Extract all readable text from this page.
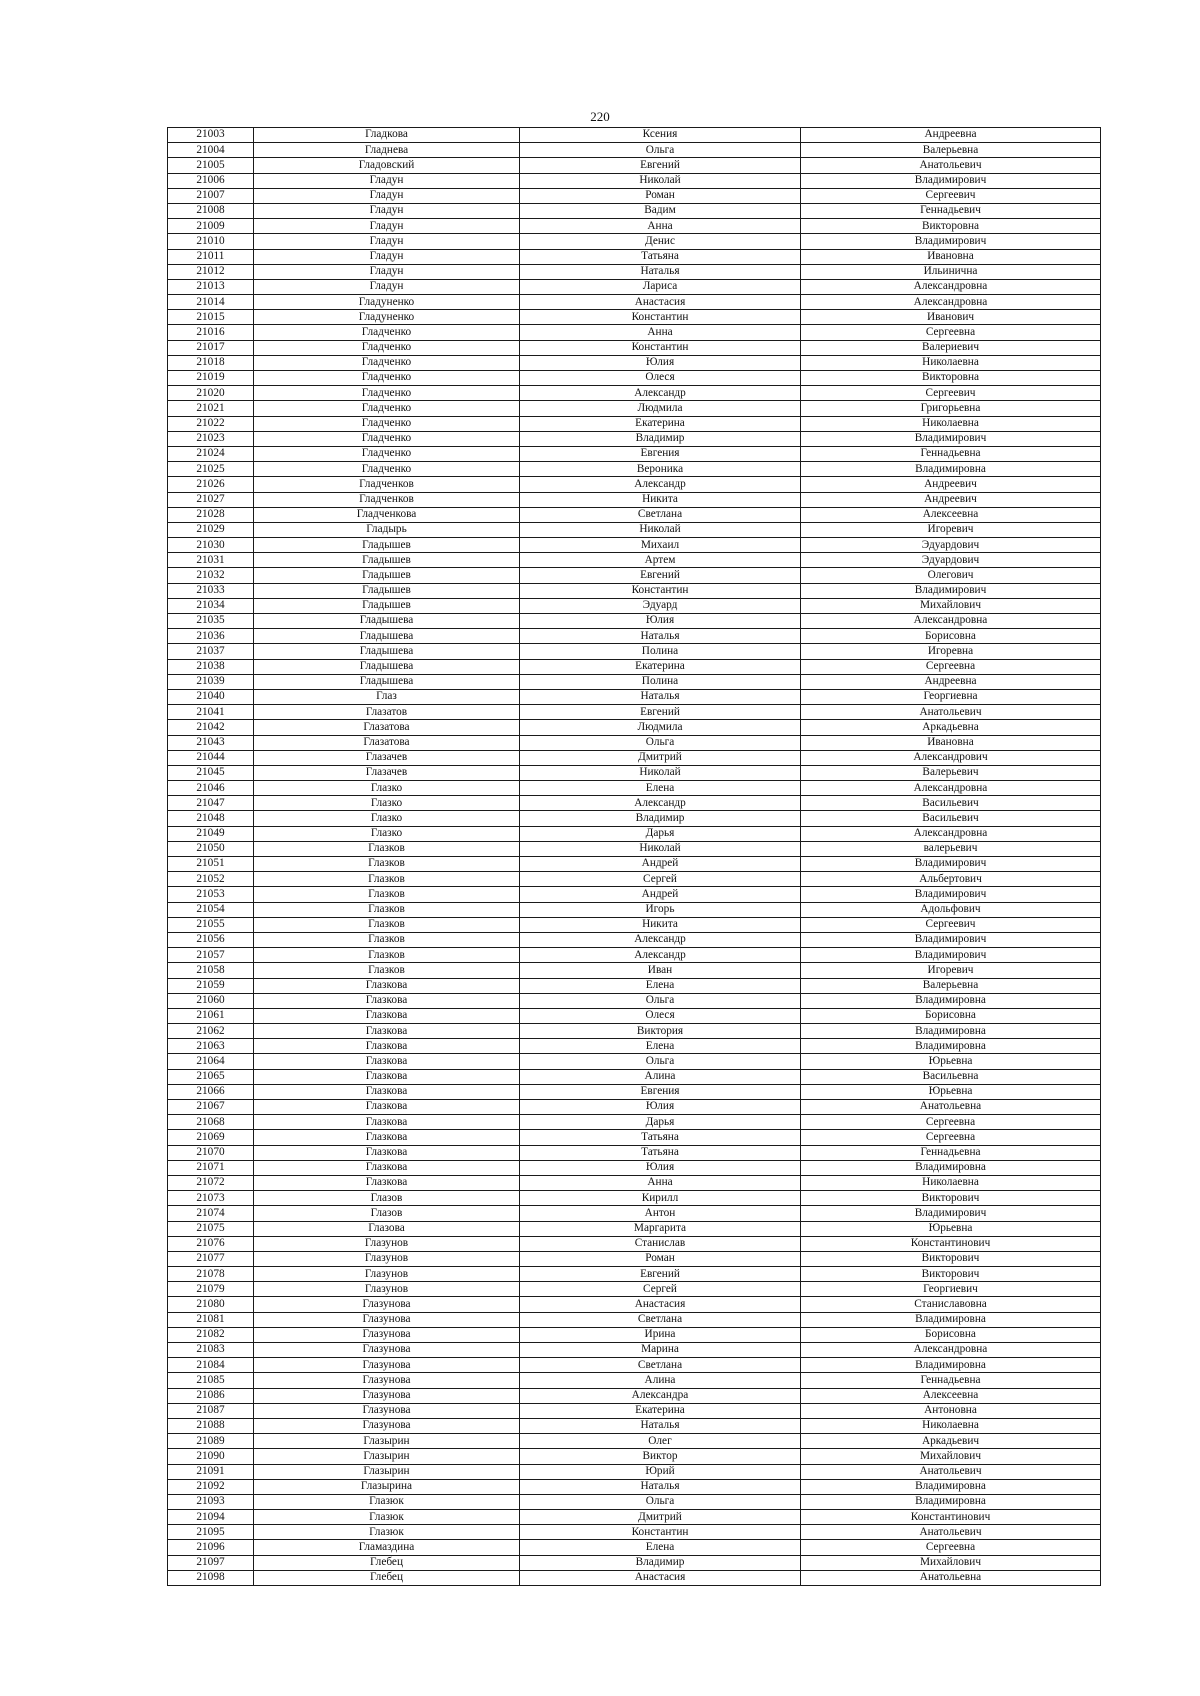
220
21003	Гладкова	Ксения	Андреевна
21004	Гладнева	Ольга	Валерьевна
21005	Гладовский	Евгений	Анатольевич
21006	Гладун	Николай	Владимирович
21007	Гладун	Роман	Сергеевич
21008	Гладун	Вадим	Геннадьевич
21009	Гладун	Анна	Викторовна
21010	Гладун	Денис	Владимирович
21011	Гладун	Татьяна	Ивановна
21012	Гладун	Наталья	Ильинична
21013	Гладун	Лариса	Александровна
21014	Гладуненко	Анастасия	Александровна
21015	Гладуненко	Константин	Иванович
21016	Гладченко	Анна	Сергеевна
21017	Гладченко	Константин	Валериевич
21018	Гладченко	Юлия	Николаевна
21019	Гладченко	Олеся	Викторовна
21020	Гладченко	Александр	Сергеевич
21021	Гладченко	Людмила	Григорьевна
21022	Гладченко	Екатерина	Николаевна
21023	Гладченко	Владимир	Владимирович
21024	Гладченко	Евгения	Геннадьевна
21025	Гладченко	Вероника	Владимировна
21026	Гладченков	Александр	Андреевич
21027	Гладченков	Никита	Андреевич
21028	Гладченкова	Светлана	Алексеевна
21029	Гладырь	Николай	Игоревич
21030	Гладышев	Михаил	Эдуардович
21031	Гладышев	Артем	Эдуардович
21032	Гладышев	Евгений	Олегович
21033	Гладышев	Константин	Владимирович
21034	Гладышев	Эдуард	Михайлович
21035	Гладышева	Юлия	Александровна
21036	Гладышева	Наталья	Борисовна
21037	Гладышева	Полина	Игоревна
21038	Гладышева	Екатерина	Сергеевна
21039	Гладышева	Полина	Андреевна
21040	Глаз	Наталья	Георгиевна
21041	Глазатов	Евгений	Анатольевич
21042	Глазатова	Людмила	Аркадьевна
21043	Глазатова	Ольга	Ивановна
21044	Глазачев	Дмитрий	Александрович
21045	Глазачев	Николай	Валерьевич
21046	Глазко	Елена	Александровна
21047	Глазко	Александр	Васильевич
21048	Глазко	Владимир	Васильевич
21049	Глазко	Дарья	Александровна
21050	Глазков	Николай	валерьевич
21051	Глазков	Андрей	Владимирович
21052	Глазков	Сергей	Альбертович
21053	Глазков	Андрей	Владимирович
21054	Глазков	Игорь	Адольфович
21055	Глазков	Никита	Сергеевич
21056	Глазков	Александр	Владимирович
21057	Глазков	Александр	Владимирович
21058	Глазков	Иван	Игоревич
21059	Глазкова	Елена	Валерьевна
21060	Глазкова	Ольга	Владимировна
21061	Глазкова	Олеся	Борисовна
21062	Глазкова	Виктория	Владимировна
21063	Глазкова	Елена	Владимировна
21064	Глазкова	Ольга	Юрьевна
21065	Глазкова	Алина	Васильевна
21066	Глазкова	Евгения	Юрьевна
21067	Глазкова	Юлия	Анатольевна
21068	Глазкова	Дарья	Сергеевна
21069	Глазкова	Татьяна	Сергеевна
21070	Глазкова	Татьяна	Геннадьевна
21071	Глазкова	Юлия	Владимировна
21072	Глазкова	Анна	Николаевна
21073	Глазов	Кирилл	Викторович
21074	Глазов	Антон	Владимирович
21075	Глазова	Маргарита	Юрьевна
21076	Глазунов	Станислав	Константинович
21077	Глазунов	Роман	Викторович
21078	Глазунов	Евгений	Викторович
21079	Глазунов	Сергей	Георгиевич
21080	Глазунова	Анастасия	Станиславовна
21081	Глазунова	Светлана	Владимировна
21082	Глазунова	Ирина	Борисовна
21083	Глазунова	Марина	Александровна
21084	Глазунова	Светлана	Владимировна
21085	Глазунова	Алина	Геннадьевна
21086	Глазунова	Александра	Алексеевна
21087	Глазунова	Екатерина	Антоновна
21088	Глазунова	Наталья	Николаевна
21089	Глазырин	Олег	Аркадьевич
21090	Глазырин	Виктор	Михайлович
21091	Глазырин	Юрий	Анатольевич
21092	Глазырина	Наталья	Владимировна
21093	Глазюк	Ольга	Владимировна
21094	Глазюк	Дмитрий	Константинович
21095	Глазюк	Константин	Анатольевич
21096	Гламаздина	Елена	Сергеевна
21097	Глебец	Владимир	Михайлович
21098	Глебец	Анастасия	Анатольевна
